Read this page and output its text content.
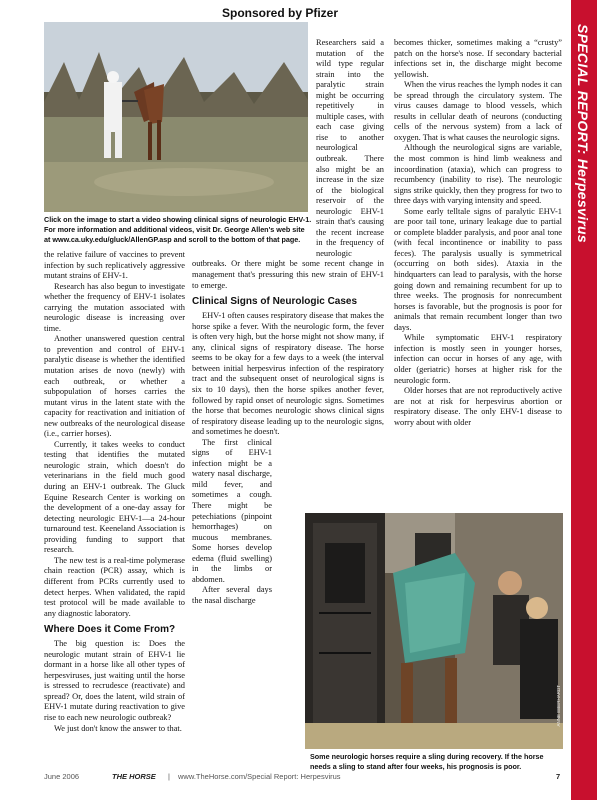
Sponsored by Pfizer
SPECIAL REPORT: Herpesvirus
Click on the image to start a video showing clinical signs of neurologic EHV-1. For more information and additional videos, visit Dr. George Allen's web site at www.ca.uky.edu/gluck/AllenGP.asp and scroll to the bottom of that page.

the relative failure of vaccines to prevent infection by such replicatively aggressive mutant strains of EHV-1.

Research has also begun to investigate whether the frequency of EHV-1 isolates carrying the mutation associated with neurologic disease is increasing over time.

Another unanswered question central to prevention and control of EHV-1 paralytic disease is whether the identified mutation arises de novo (newly) with each outbreak, or whether a subpopulation of horses carries the mutant virus in the latent state with the capacity for reactivation and initiation of new outbreaks of the neurological disease (i.e., carrier horses).

Currently, it takes weeks to conduct testing that identifies the mutated neurologic strain, which doesn't do veterinarians in the field much good during an EHV-1 outbreak. The Gluck Equine Research Center is working on the development of a one-day assay for detecting neurologic EHV-1—a 24-hour turnaround test. Keeneland Association is providing funding to support that research.

The new test is a real-time polymerase chain reaction (PCR) assay, which is different from PCRs currently used to detect herpes. When validated, the rapid test protocol will be made available to any diagnostic laboratory.

Where Does it Come From?

The big question is: Does the neurologic mutant strain of EHV-1 lie dormant in a horse like all other types of herpesviruses, just waiting until the horse is stressed to recrudesce (reactivate) and spread? Or, does the latent, wild strain of EHV-1 mutate during reactivation to give rise to each new neurologic outbreak?

We just don't know the answer to that.

Researchers said a mutation of the wild type regular strain into the paralytic strain might be occurring repetitively in multiple cases, with each case giving rise to another neurological outbreak. There also might be an increase in the size of the biological reservoir of the neurologic EHV-1 strain that's causing the recent increase in the frequency of neurologic outbreaks. Or there might be some recent change in management that's pressuring this new strain of EHV-1 to emerge.

Clinical Signs of Neurologic Cases

EHV-1 often causes respiratory disease that makes the horse spike a fever. With the neurologic form, the fever is often very high, but the horse might not show many, if any, clinical signs of respiratory disease. The horse seems to be okay for a few days to a week (the interval between initial herpesvirus infection of the respiratory tract and the subsequent onset of neurological signs is six to 10 days), then the horse spikes another fever, followed by rapid onset of neurologic signs. Sometimes the horse that becomes neurologic shows clinical signs of respiratory disease leading up to the neurologic signs, and sometimes he doesn't.

The first clinical signs of EHV-1 infection might be a watery nasal discharge, mild fever, and sometimes a cough. There might be petechiations (pinpoint hemorrhages) on mucous membranes. Some horses develop edema (fluid swelling) in the limbs or abdomen.

After several days the nasal discharge

becomes thicker, sometimes making a “crusty” patch on the horse's nose. If secondary bacterial infections set in, the discharge might become yellowish.

When the virus reaches the lymph nodes it can be spread through the circulatory system. The virus causes damage to blood vessels, which results in cellular death of neurons (conducting cells of the nervous system) from a lack of oxygen. That is what causes the neurologic signs.

Although the neurological signs are variable, the most common is hind limb weakness and incoordination (ataxia), which can progress to recumbency (inability to rise). The neurologic signs strike quickly, then they progress for two to three days with varying intensity and speed.

Some early telltale signs of paralytic EHV-1 are poor tail tone, urinary leakage due to partial or complete bladder paralysis, and poor anal tone (with fecal incontinence or inability to pass feces). The paralysis usually is symmetrical (occurring on both sides). Ataxia in the hindquarters can lead to paralysis, with the horse going down and remaining recumbent for up to three weeks. The prognosis for nonrecumbent horses is favorable, but the prognosis is poor for animals that remain recumbent longer than two days.

While symptomatic EHV-1 respiratory infection is mostly seen in younger horses, infection can occur in horses of any age, with older (geriatric) horses at higher risk for the neurologic form.

Older horses that are not reproductively active are not at risk for herpesvirus abortion or respiratory disease. The only EHV-1 disease to worry about with older

ANNE EBERHARDT
Some neurologic horses require a sling during recovery. If the horse needs a sling to stand after four weeks, his prognosis is poor.
June 2006	THE HORSE | www.TheHorse.com/Special Report: Herpesvirus	7
